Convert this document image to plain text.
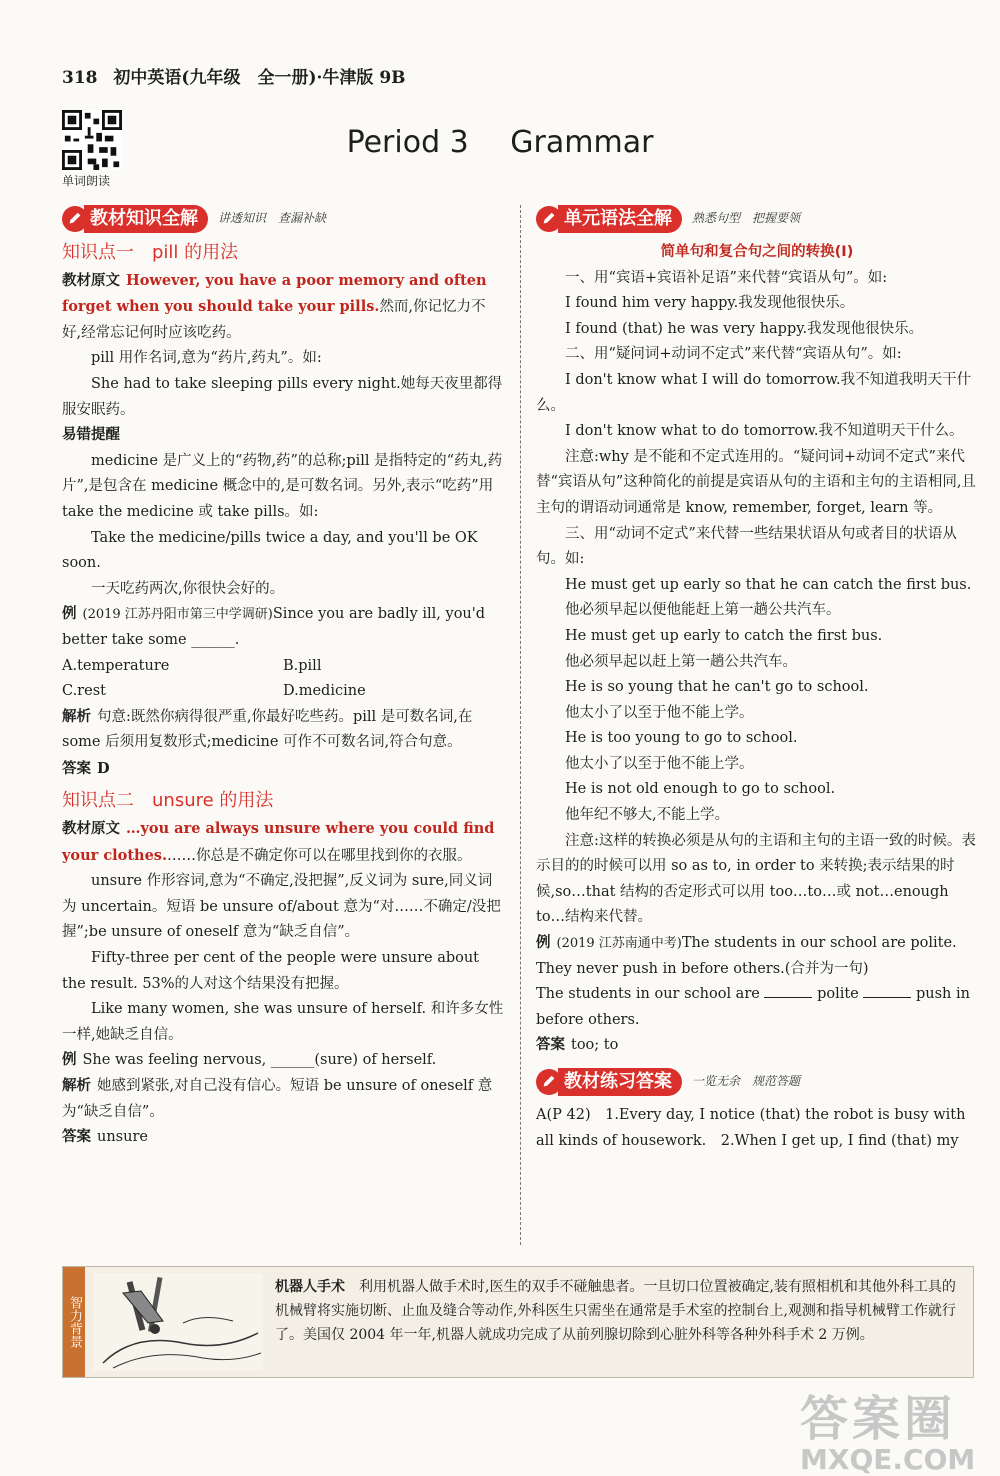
318 初中英语(九年级　全一册)·牛津版 9B
单词朗读
Period 3 Grammar
教材知识全解	讲透知识　查漏补缺
知识点一 pill 的用法

教材原文 However, you have a poor memory and often forget when you should take your pills.然而,你记忆力不好,经常忘记何时应该吃药。

pill 用作名词,意为“药片,药丸”。如:

She had to take sleeping pills every night.她每天夜里都得服安眠药。

易错提醒

medicine 是广义上的“药物,药”的总称;pill 是指特定的“药丸,药片”,是包含在 medicine 概念中的,是可数名词。另外,表示“吃药”用 take the medicine 或 take pills。如:

Take the medicine/pills twice a day, and you'll be OK soon.

一天吃药两次,你很快会好的。

例 (2019 江苏丹阳市第三中学调研)Since you are badly ill, you'd better take some ______.

A.temperature	B.pill
C.rest	D.medicine

解析 句意:既然你病得很严重,你最好吃些药。pill 是可数名词,在 some 后须用复数形式;medicine 可作不可数名词,符合句意。

答案 D

知识点二 unsure 的用法

教材原文 …you are always unsure where you could find your clothes.……你总是不确定你可以在哪里找到你的衣服。

unsure 作形容词,意为“不确定,没把握”,反义词为 sure,同义词为 uncertain。短语 be unsure of/about 意为“对……不确定/没把握”;be unsure of oneself 意为“缺乏自信”。

Fifty-three per cent of the people were unsure about the result. 53%的人对这个结果没有把握。

Like many women, she was unsure of herself. 和许多女性一样,她缺乏自信。

例 She was feeling nervous, ______(sure) of herself.

解析 她感到紧张,对自己没有信心。短语 be unsure of oneself 意为“缺乏自信”。

答案 unsure

单元语法全解	熟悉句型　把握要领

简单句和复合句之间的转换(Ⅰ)

一、用“宾语+宾语补足语”来代替“宾语从句”。如:

I found him very happy.我发现他很快乐。

I found (that) he was very happy.我发现他很快乐。

二、用“疑问词+动词不定式”来代替“宾语从句”。如:

I don't know what I will do tomorrow.我不知道我明天干什么。

I don't know what to do tomorrow.我不知道明天干什么。

注意:why 是不能和不定式连用的。“疑问词+动词不定式”来代替“宾语从句”这种简化的前提是宾语从句的主语和主句的主语相同,且主句的谓语动词通常是 know, remember, forget, learn 等。

三、用“动词不定式”来代替一些结果状语从句或者目的状语从句。如:

He must get up early so that he can catch the first bus.

他必须早起以便他能赶上第一趟公共汽车。

He must get up early to catch the first bus.

他必须早起以赶上第一趟公共汽车。

He is so young that he can't go to school.

他太小了以至于他不能上学。

He is too young to go to school.

他太小了以至于他不能上学。

He is not old enough to go to school.

他年纪不够大,不能上学。

注意:这样的转换必须是从句的主语和主句的主语一致的时候。表示目的的时候可以用 so as to, in order to 来转换;表示结果的时候,so…that 结构的否定形式可以用 too…to…或 not…enough to…结构来代替。

例 (2019 江苏南通中考)The students in our school are polite. They never push in before others.(合并为一句)

The students in our school are	polite	push in before others.

答案 too; to

教材练习答案	一览无余　规范答题

A(P 42)　1.Every day, I notice (that) the robot is busy with all kinds of housework.　2.When I get up, I find (that) my

智力背景
机器人手术　 利用机器人做手术时,医生的双手不碰触患者。一旦切口位置被确定,装有照相机和其他外科工具的机械臂将实施切断、止血及缝合等动作,外科医生只需坐在通常是手术室的控制台上,观测和指导机械臂工作就行了。美国仅 2004 年一年,机器人就成功完成了从前列腺切除到心脏外科等各种外科手术 2 万例。
答案圈
MXQE.COM
